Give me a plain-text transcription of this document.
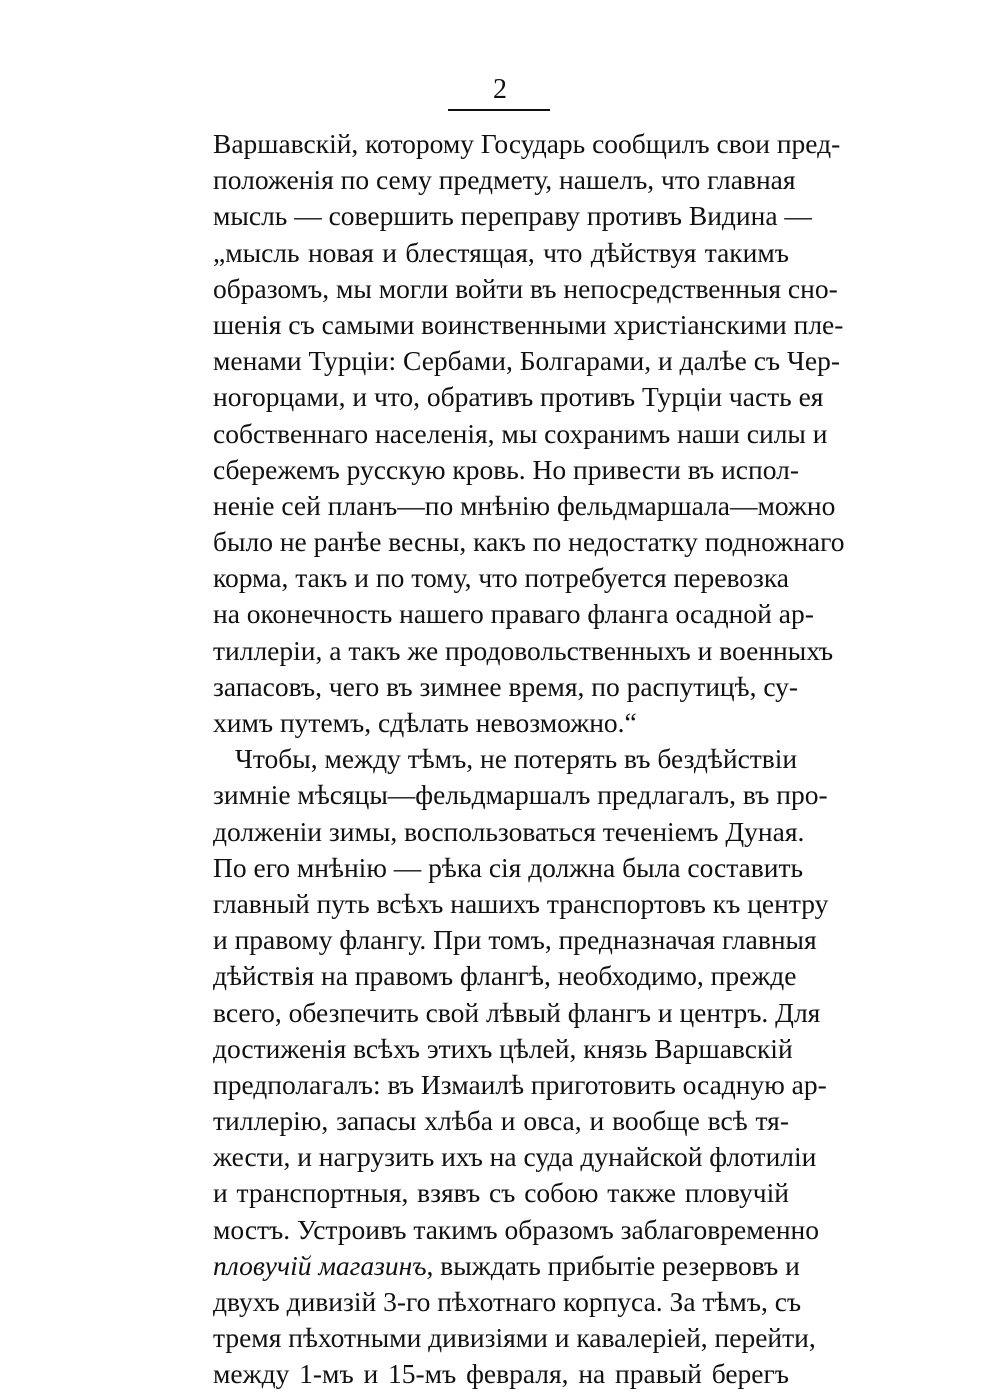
2
Варшавскій, которому Государь сообщилъ свои пред-
положенія по сему предмету, нашелъ, что главная
мысль — совершить переправу противъ Видина —
„мысль новая и блестящая, что дѣйствуя такимъ
образомъ, мы могли войти въ непосредственныя сно-
шенія съ самыми воинственными христіанскими пле-
менами Турціи: Сербами, Болгарами, и далѣе съ Чер-
ногорцами, и что, обративъ противъ Турціи часть ея
собственнаго населенія, мы сохранимъ наши силы и
сбережемъ русскую кровь. Но привести въ испол-
неніе сей планъ—по мнѣнію фельдмаршала—можно
было не ранѣе весны, какъ по недостатку подножнаго
корма, такъ и по тому, что потребуется перевозка
на оконечность нашего праваго фланга осадной ар-
тиллеріи, а такъ же продовольственныхъ и военныхъ
запасовъ, чего въ зимнее время, по распутицѣ, су-
химъ путемъ, сдѣлать невозможно.“
Чтобы, между тѣмъ, не потерять въ бездѣйствіи
зимніе мѣсяцы—фельдмаршалъ предлагалъ, въ про-
долженіи зимы, воспользоваться теченіемъ Дуная.
По его мнѣнію — рѣка сія должна была составить
главный путь всѣхъ нашихъ транспортовъ къ центру
и правому флангу. При томъ, предназначая главныя
дѣйствія на правомъ флангѣ, необходимо, прежде
всего, обезпечить свой лѣвый флангъ и центръ. Для
достиженія всѣхъ этихъ цѣлей, князь Варшавскій
предполагалъ: въ Измаилѣ приготовить осадную ар-
тиллерію, запасы хлѣба и овса, и вообще всѣ тя-
жести, и нагрузить ихъ на суда дунайской флотиліи
и транспортныя, взявъ съ собою также пловучій
мостъ. Устроивъ такимъ образомъ заблаговременно
пловучій магазинъ, выждать прибытіе резервовъ и
двухъ дивизій 3-го пѣхотнаго корпуса. За тѣмъ, съ
тремя пѣхотными дивизіями и кавалеріей, перейти,
между 1-мъ и 15-мъ февраля, на правый берегъ
